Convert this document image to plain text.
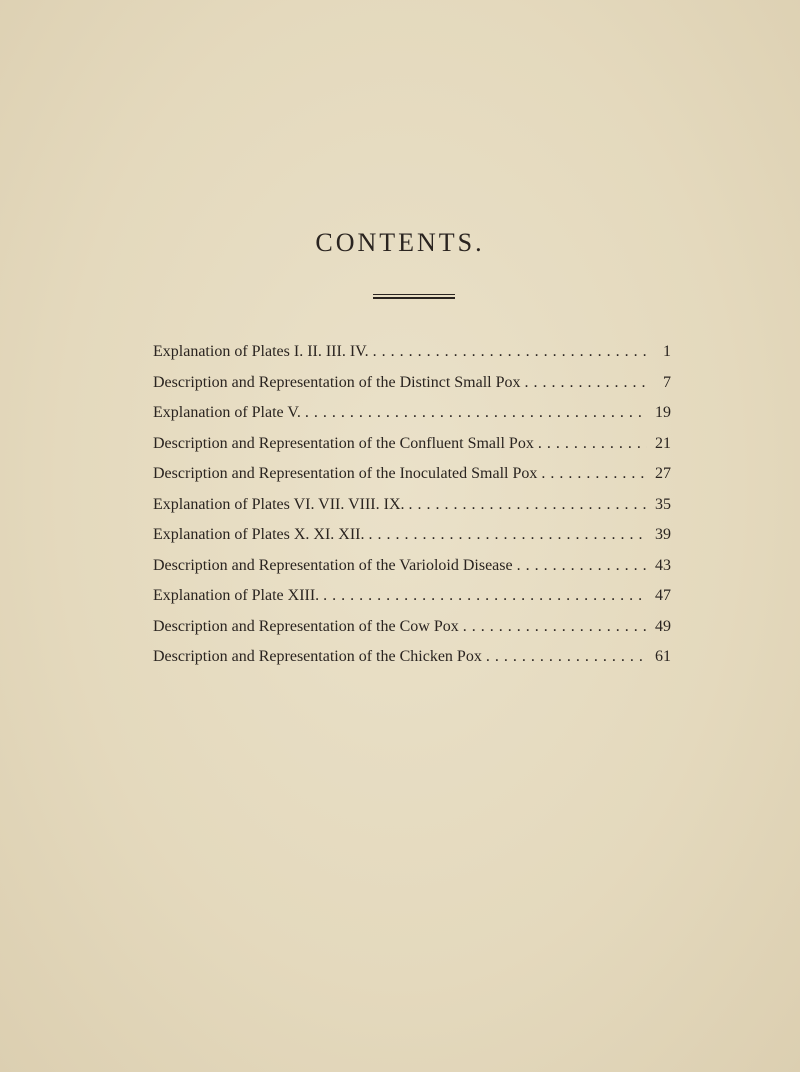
CONTENTS.
Explanation of Plates I. II. III. IV. . . .	1
Description and Representation of the Distinct Small Pox . . .	7
Explanation of Plate V. . . .	19
Description and Representation of the Confluent Small Pox . . .	21
Description and Representation of the Inoculated Small Pox . . .	27
Explanation of Plates VI. VII. VIII. IX. . . .	35
Explanation of Plates X. XI. XII. . . .	39
Description and Representation of the Varioloid Disease . . .	43
Explanation of Plate XIII. . . .	47
Description and Representation of the Cow Pox . . .	49
Description and Representation of the Chicken Pox . . .	61
